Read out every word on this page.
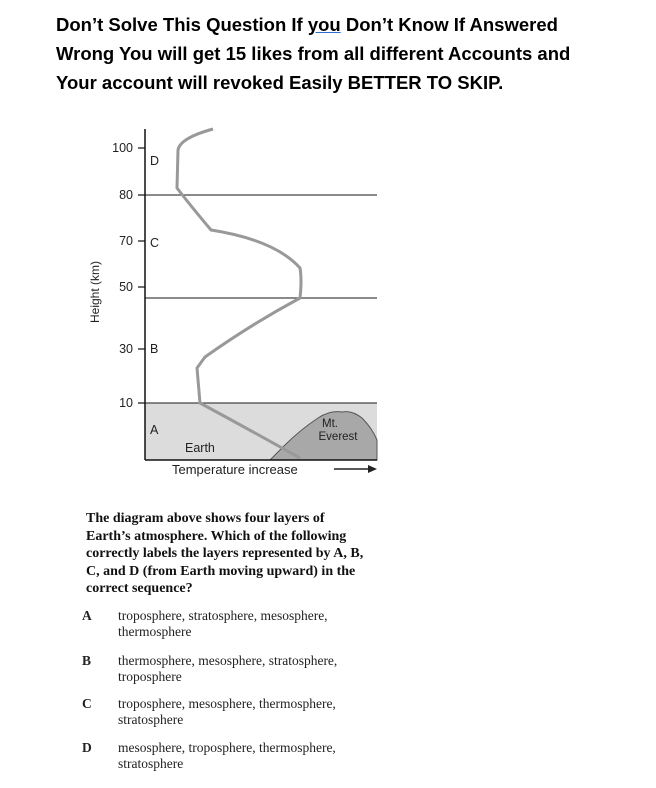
Don’t Solve This Question If you Don’t Know If Answered
Wrong You will get 15 likes from all different Accounts and
Your account will revoked Easily BETTER TO SKIP.
100
80
70
50
30
10
D
C
B
A
Height (km)
Earth
Mt.
Everest
Temperature increase
The diagram above shows four layers of
Earth’s atmosphere. Which of the following
correctly labels the layers represented by A, B,
C, and D (from Earth moving upward) in the
correct sequence?
A	troposphere, stratosphere, mesosphere,
thermosphere
B	thermosphere, mesosphere, stratosphere,
troposphere
C	troposphere, mesosphere, thermosphere,
stratosphere
D	mesosphere, troposphere, thermosphere,
stratosphere
